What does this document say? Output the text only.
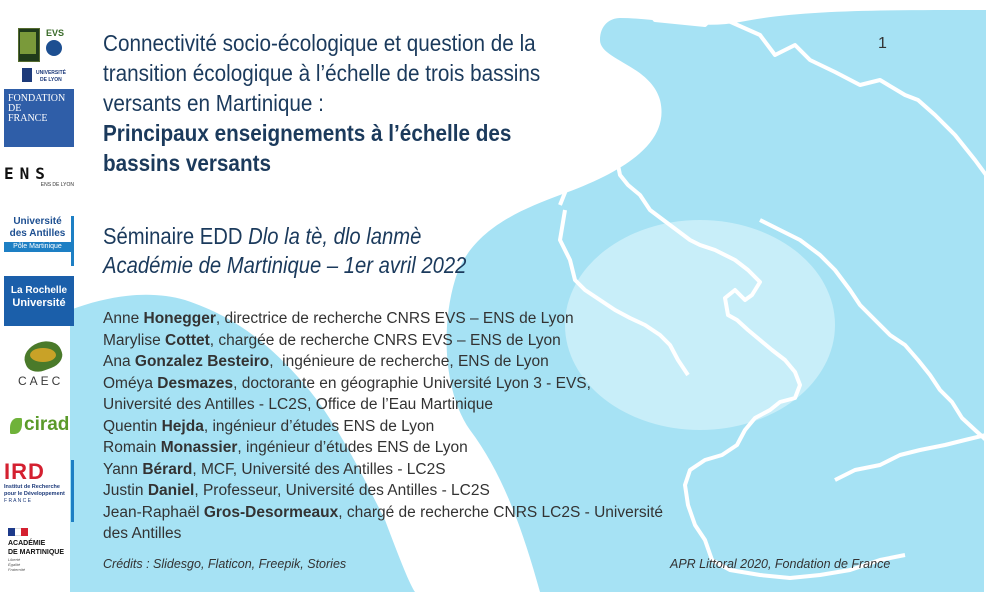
EVS
UNIVERSITÉ
DE LYON
FONDATION
DE
FRANCE
ENS
ENS DE LYON
Université
des Antilles
Pôle Martinique
La Rochelle
Université
CAEC
cirad
IRD
Institut de Recherche
pour le Développement
F R A N C E
ACADÉMIE
DE MARTINIQUE
Liberté
Égalité
Fraternité
1
Connectivité socio-écologique et question de la
transition écologique à l’échelle de trois bassins
versants en Martinique :
Principaux enseignements à l’échelle des
bassins versants
Séminaire EDD Dlo la tè, dlo lanmè
Académie de Martinique – 1er avril 2022
Anne Honegger, directrice de recherche CNRS EVS – ENS de Lyon
Marylise Cottet, chargée de recherche CNRS EVS – ENS de Lyon
Ana Gonzalez Besteiro,  ingénieure de recherche, ENS de Lyon
Oméya Desmazes, doctorante en géographie Université Lyon 3 - EVS, Université des Antilles - LC2S, Office de l’Eau Martinique
Quentin Hejda, ingénieur d’études ENS de Lyon
Romain Monassier, ingénieur d’études ENS de Lyon
Yann Bérard, MCF, Université des Antilles - LC2S
Justin Daniel, Professeur, Université des Antilles - LC2S
Jean-Raphaël Gros-Desormeaux, chargé de recherche CNRS LC2S - Université des Antilles
Crédits : Slidesgo, Flaticon, Freepik, Stories	APR Littoral 2020, Fondation de France
